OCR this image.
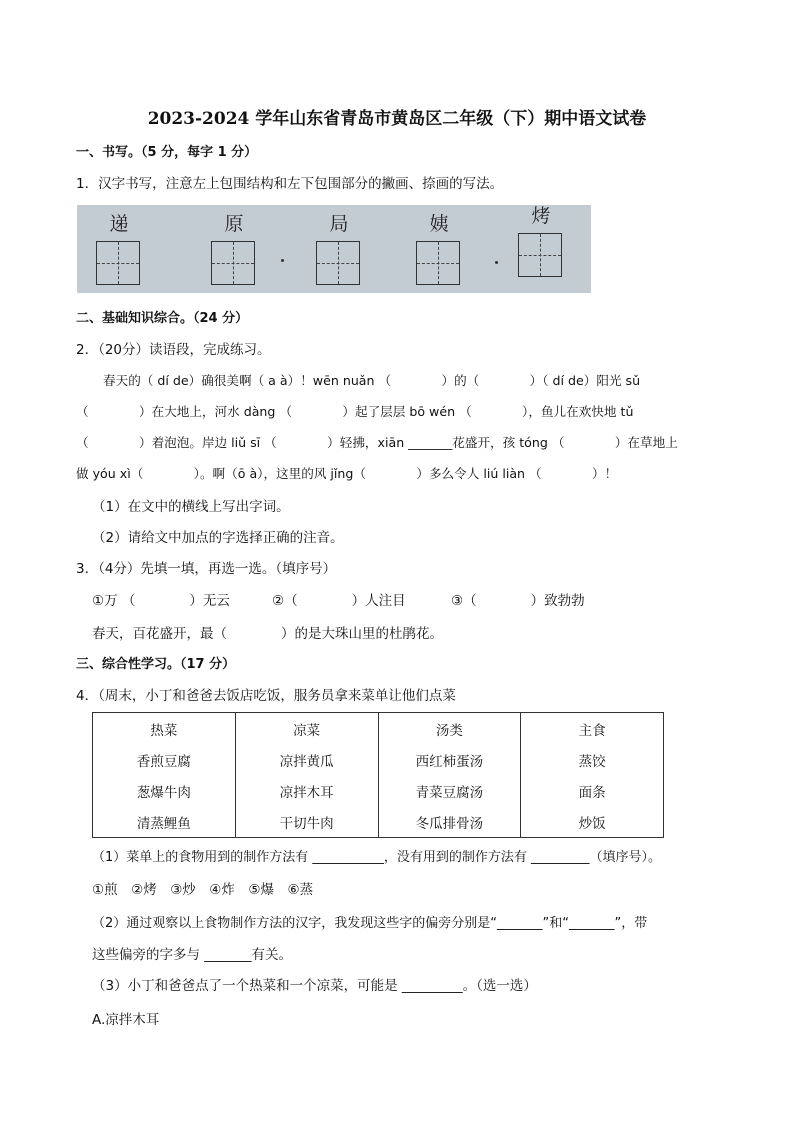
2023-2024 学年山东省青岛市黄岛区二年级（下）期中语文试卷
一、书写。（5 分，每字 1 分）
1．汉字书写，注意左上包围结构和左下包围部分的撇画、捺画的写法。
递	原	局	姨	烤
二、基础知识综合。（24 分）
2．（20分）读语段，完成练习。
春天的（ dí de）确很美啊（ a à）！wēn nuǎn （　　　　）的（　　　　）（ dí de）阳光 sǔ
（　　　　）在大地上，河水 dàng （　　　　）起了层层 bō wén （　　　　），鱼儿在欢快地 tǔ
（　　　　）着泡泡。岸边 liǔ sī （　　　　）轻拂，xiān _______花盛开，孩 tóng （　　　　）在草地上
做 yóu xì（　　　　）。啊（ō à），这里的风 jǐng（　　　　）多么令人 liú liàn （　　　　）！
（1）在文中的横线上写出字词。
（2）请给文中加点的字选择正确的注音。
3．（4分）先填一填，再选一选。（填序号）
①万 （　　　　）无云	②（　　　　）人注目	③（　　　　）致勃勃
春天，百花盛开，最（　　　　）的是大珠山里的杜鹃花。
三、综合性学习。（17 分）
4．（周末，小丁和爸爸去饭店吃饭，服务员拿来菜单让他们点菜
热菜	凉菜	汤类	主食
香煎豆腐	凉拌黄瓜	西红柿蛋汤	蒸饺
葱爆牛肉	凉拌木耳	青菜豆腐汤	面条
清蒸鲤鱼	干切牛肉	冬瓜排骨汤	炒饭
（1）菜单上的食物用到的制作方法有 ___________，没有用到的制作方法有 _________（填序号）。
①煎　②烤　③炒　④炸　⑤爆　⑥蒸
（2）通过观察以上食物制作方法的汉字，我发现这些字的偏旁分别是“_______”和“_______”，带
这些偏旁的字多与 _______有关。
（3）小丁和爸爸点了一个热菜和一个凉菜，可能是 _________。（选一选）
A.凉拌木耳
